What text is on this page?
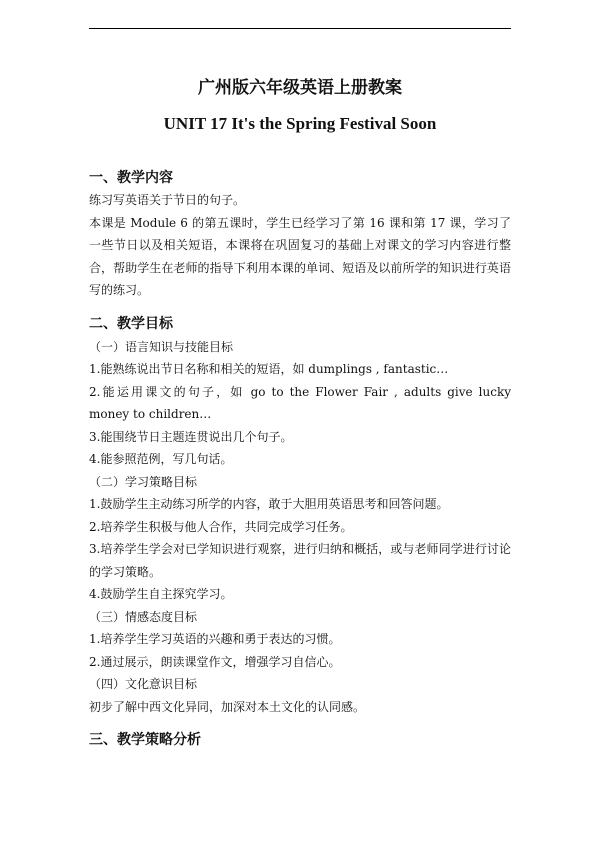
广州版六年级英语上册教案
UNIT 17 It's the Spring Festival Soon
一、教学内容

练习写英语关于节日的句子。

本课是 Module 6 的第五课时，学生已经学习了第 16 课和第 17 课，学习了一些节日以及相关短语，本课将在巩固复习的基础上对课文的学习内容进行整合，帮助学生在老师的指导下利用本课的单词、短语及以前所学的知识进行英语写的练习。

二、教学目标

（一）语言知识与技能目标

1.能熟练说出节日名称和相关的短语，如 dumplings , fantastic…

2.能运用课文的句子，如 go to the Flower Fair , adults give lucky money to children…

3.能围绕节日主题连贯说出几个句子。

4.能参照范例，写几句话。

（二）学习策略目标

1.鼓励学生主动练习所学的内容，敢于大胆用英语思考和回答问题。

2.培养学生积极与他人合作，共同完成学习任务。

3.培养学生学会对已学知识进行观察，进行归纳和概括，或与老师同学进行讨论的学习策略。

4.鼓励学生自主探究学习。

（三）情感态度目标

1.培养学生学习英语的兴趣和勇于表达的习惯。

2.通过展示，朗读课堂作文，增强学习自信心。

（四）文化意识目标

初步了解中西文化异同，加深对本土文化的认同感。

三、教学策略分析
